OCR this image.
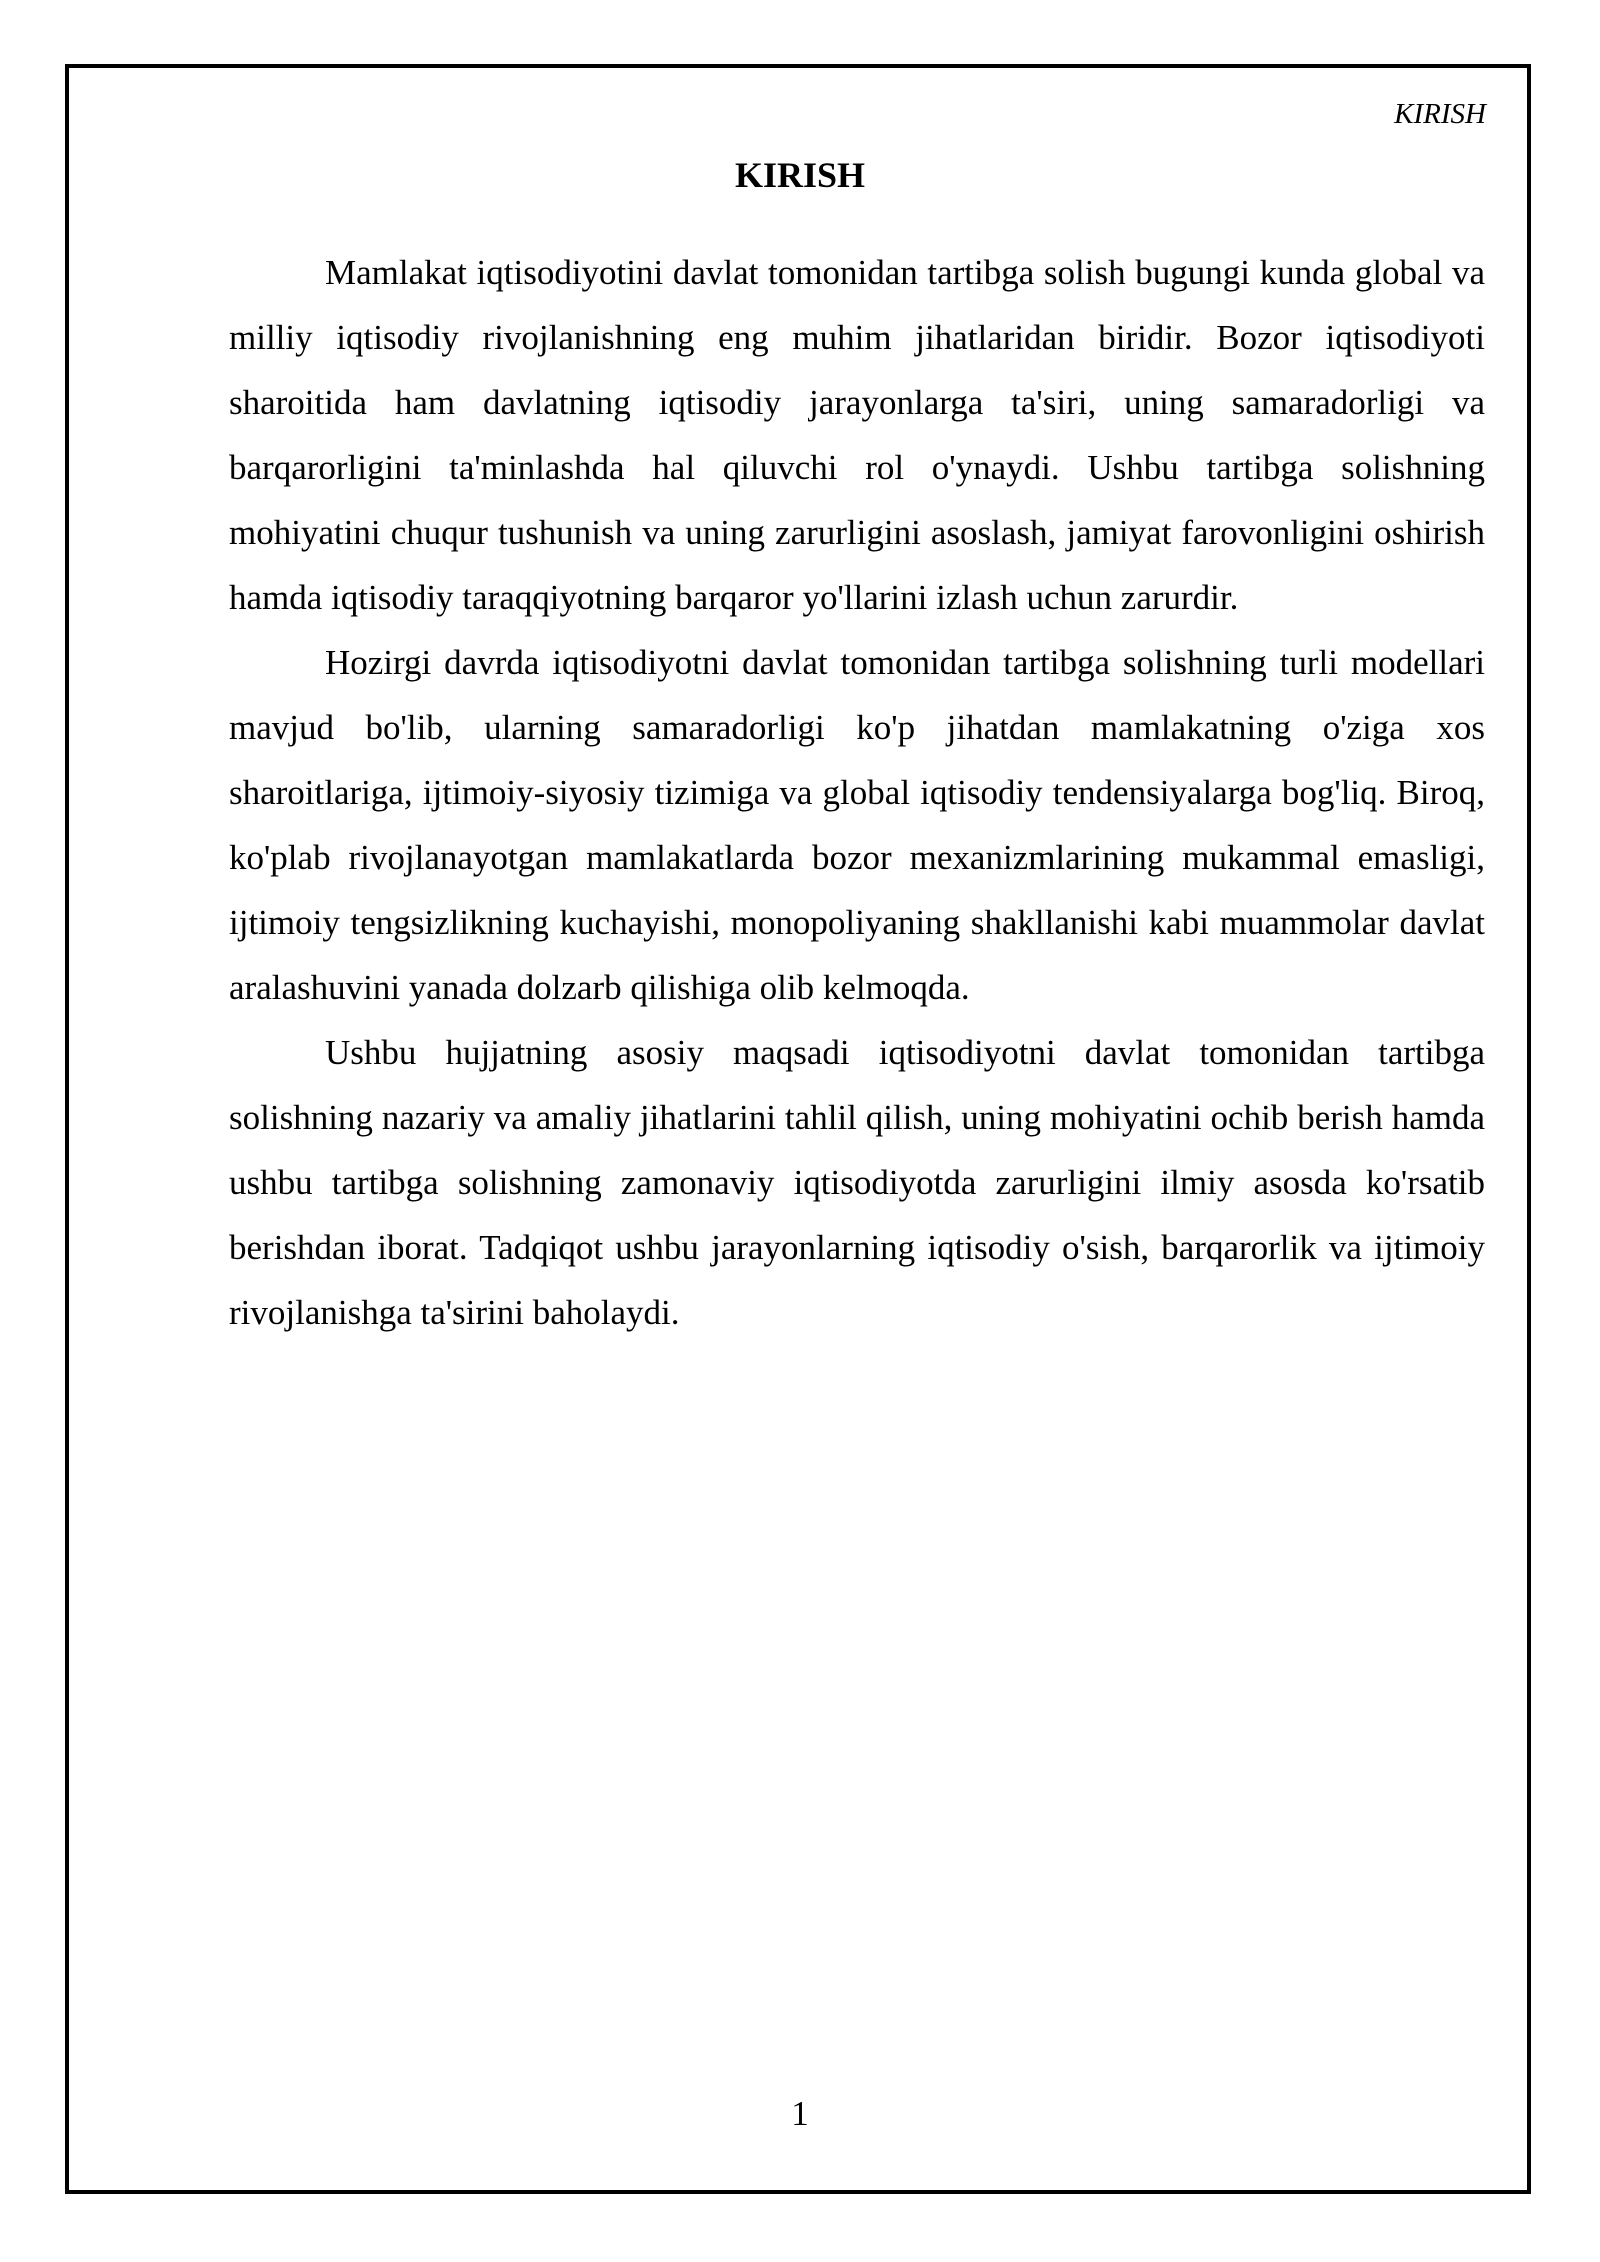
KIRISH
KIRISH

Mamlakat iqtisodiyotini davlat tomonidan tartibga solish bugungi kunda global va milliy iqtisodiy rivojlanishning eng muhim jihatlaridan biridir. Bozor iqtisodiyoti sharoitida ham davlatning iqtisodiy jarayonlarga ta'siri, uning samaradorligi va barqarorligini ta'minlashda hal qiluvchi rol o'ynaydi. Ushbu tartibga solishning mohiyatini chuqur tushunish va uning zarurligini asoslash, jamiyat farovonligini oshirish hamda iqtisodiy taraqqiyotning barqaror yo'llarini izlash uchun zarurdir.

Hozirgi davrda iqtisodiyotni davlat tomonidan tartibga solishning turli modellari mavjud bo'lib, ularning samaradorligi ko'p jihatdan mamlakatning o'ziga xos sharoitlariga, ijtimoiy-siyosiy tizimiga va global iqtisodiy tendensiyalarga bog'liq. Biroq, ko'plab rivojlanayotgan mamlakatlarda bozor mexanizmlarining mukammal emasligi, ijtimoiy tengsizlikning kuchayishi, monopoliyaning shakllanishi kabi muammolar davlat aralashuvini yanada dolzarb qilishiga olib kelmoqda.

Ushbu hujjatning asosiy maqsadi iqtisodiyotni davlat tomonidan tartibga solishning nazariy va amaliy jihatlarini tahlil qilish, uning mohiyatini ochib berish hamda ushbu tartibga solishning zamonaviy iqtisodiyotda zarurligini ilmiy asosda ko'rsatib berishdan iborat. Tadqiqot ushbu jarayonlarning iqtisodiy o'sish, barqarorlik va ijtimoiy rivojlanishga ta'sirini baholaydi.

1
